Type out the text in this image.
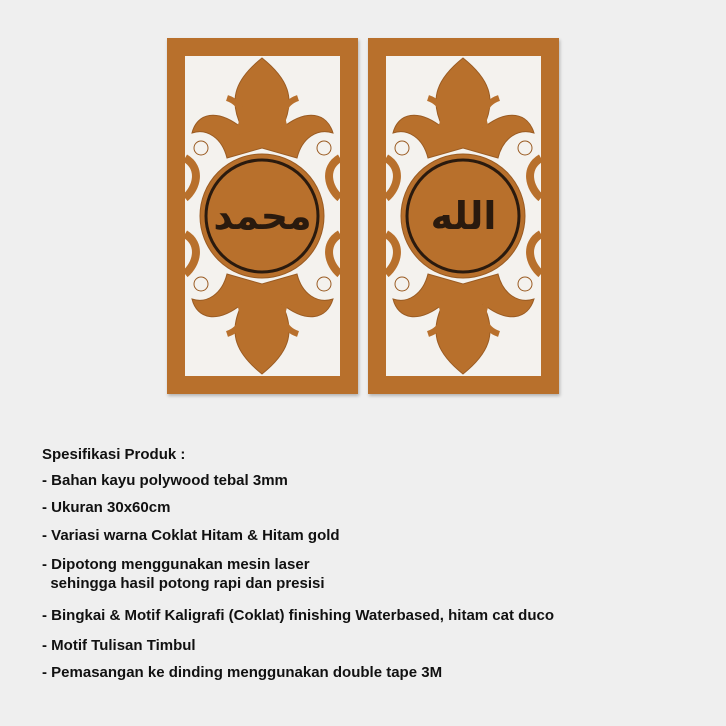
محمد	الله
Spesifikasi Produk :
- Bahan kayu polywood tebal 3mm
- Ukuran 30x60cm
- Variasi warna Coklat Hitam & Hitam gold
- Dipotong menggunakan mesin laser
sehingga hasil potong rapi dan presisi
- Bingkai & Motif Kaligrafi (Coklat) finishing Waterbased, hitam cat duco
- Motif Tulisan Timbul
- Pemasangan ke dinding menggunakan double tape 3M
